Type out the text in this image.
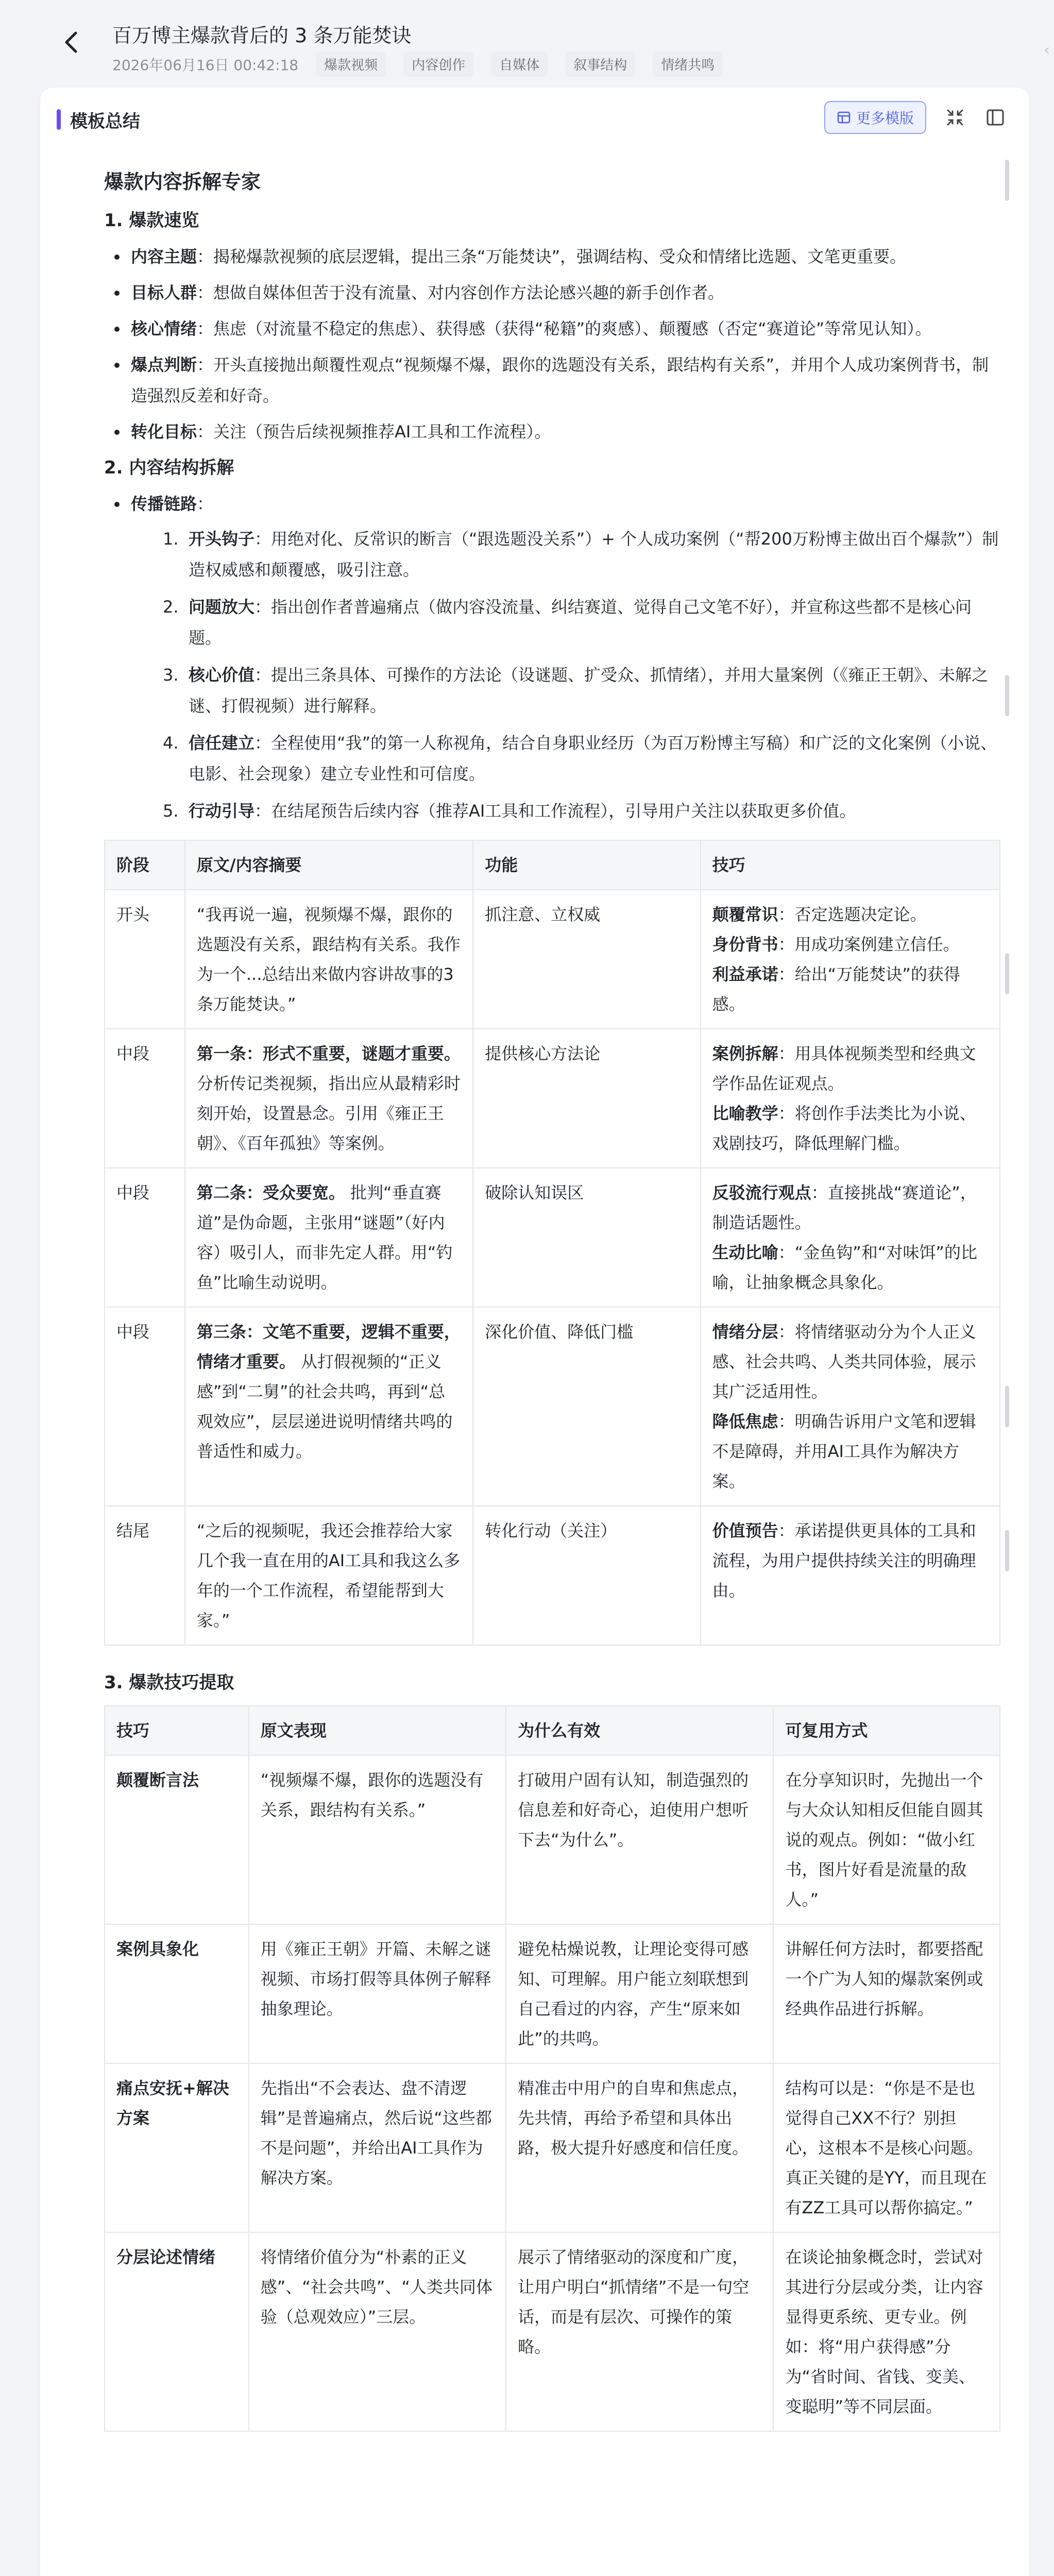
百万博主爆款背后的 3 条万能焚诀
2026年06月16日 00:42:18	爆款视频	内容创作	自媒体	叙事结构	情绪共鸣
‹
模板总结	更多模版
爆款内容拆解专家
1. 爆款速览
内容主题：揭秘爆款视频的底层逻辑，提出三条“万能焚诀”，强调结构、受众和情绪比选题、文笔更重要。
目标人群：想做自媒体但苦于没有流量、对内容创作方法论感兴趣的新手创作者。
核心情绪：焦虑（对流量不稳定的焦虑）、获得感（获得“秘籍”的爽感）、颠覆感（否定“赛道论”等常见认知）。
爆点判断：开头直接抛出颠覆性观点“视频爆不爆，跟你的选题没有关系，跟结构有关系”，并用个人成功案例背书，制造强烈反差和好奇。
转化目标：关注（预告后续视频推荐AI工具和工作流程）。
2. 内容结构拆解
传播链路：
1. 开头钩子：用绝对化、反常识的断言（“跟选题没关系”）+ 个人成功案例（“帮200万粉博主做出百个爆款”）制造权威感和颠覆感，吸引注意。
2. 问题放大：指出创作者普遍痛点（做内容没流量、纠结赛道、觉得自己文笔不好），并宣称这些都不是核心问题。
3. 核心价值：提出三条具体、可操作的方法论（设谜题、扩受众、抓情绪），并用大量案例（《雍正王朝》、未解之谜、打假视频）进行解释。
4. 信任建立：全程使用“我”的第一人称视角，结合自身职业经历（为百万粉博主写稿）和广泛的文化案例（小说、电影、社会现象）建立专业性和可信度。
5. 行动引导：在结尾预告后续内容（推荐AI工具和工作流程），引导用户关注以获取更多价值。
阶段	原文/内容摘要	功能	技巧
开头	“我再说一遍，视频爆不爆，跟你的选题没有关系，跟结构有关系。我作为一个...总结出来做内容讲故事的3条万能焚诀。”	抓注意、立权威	颠覆常识：否定选题决定论。
身份背书：用成功案例建立信任。
利益承诺：给出“万能焚诀”的获得感。

中段	第一条：形式不重要，谜题才重要。 分析传记类视频，指出应从最精彩时刻开始，设置悬念。引用《雍正王朝》、《百年孤独》等案例。	提供核心方法论	案例拆解：用具体视频类型和经典文学作品佐证观点。
比喻教学：将创作手法类比为小说、戏剧技巧，降低理解门槛。

中段	第二条：受众要宽。 批判“垂直赛道”是伪命题，主张用“谜题”（好内容）吸引人，而非先定人群。用“钓鱼”比喻生动说明。	破除认知误区	反驳流行观点：直接挑战“赛道论”，制造话题性。
生动比喻：“金鱼钩”和“对味饵”的比喻，让抽象概念具象化。

中段	第三条：文笔不重要，逻辑不重要，情绪才重要。 从打假视频的“正义感”到“二舅”的社会共鸣，再到“总观效应”，层层递进说明情绪共鸣的普适性和威力。	深化价值、降低门槛	情绪分层：将情绪驱动分为个人正义感、社会共鸣、人类共同体验，展示其广泛适用性。
降低焦虑：明确告诉用户文笔和逻辑不是障碍，并用AI工具作为解决方案。

结尾	“之后的视频呢，我还会推荐给大家几个我一直在用的AI工具和我这么多年的一个工作流程，希望能帮到大家。”	转化行动（关注）	价值预告：承诺提供更具体的工具和流程，为用户提供持续关注的明确理由。
3. 爆款技巧提取
技巧	原文表现	为什么有效	可复用方式
颠覆断言法	“视频爆不爆，跟你的选题没有关系，跟结构有关系。”	打破用户固有认知，制造强烈的信息差和好奇心，迫使用户想听下去“为什么”。	在分享知识时，先抛出一个与大众认知相反但能自圆其说的观点。例如：“做小红书，图片好看是流量的敌人。”
案例具象化	用《雍正王朝》开篇、未解之谜视频、市场打假等具体例子解释抽象理论。	避免枯燥说教，让理论变得可感知、可理解。用户能立刻联想到自己看过的内容，产生“原来如此”的共鸣。	讲解任何方法时，都要搭配一个广为人知的爆款案例或经典作品进行拆解。
痛点安抚+解决方案	先指出“不会表达、盘不清逻辑”是普遍痛点，然后说“这些都不是问题”，并给出AI工具作为解决方案。	精准击中用户的自卑和焦虑点，先共情，再给予希望和具体出路，极大提升好感度和信任度。	结构可以是：“你是不是也觉得自己XX不行？别担心，这根本不是核心问题。真正关键的是YY，而且现在有ZZ工具可以帮你搞定。”
分层论述情绪	将情绪价值分为“朴素的正义感”、“社会共鸣”、“人类共同体验（总观效应）”三层。	展示了情绪驱动的深度和广度，让用户明白“抓情绪”不是一句空话，而是有层次、可操作的策略。	在谈论抽象概念时，尝试对其进行分层或分类，让内容显得更系统、更专业。例如：将“用户获得感”分为“省时间、省钱、变美、变聪明”等不同层面。
